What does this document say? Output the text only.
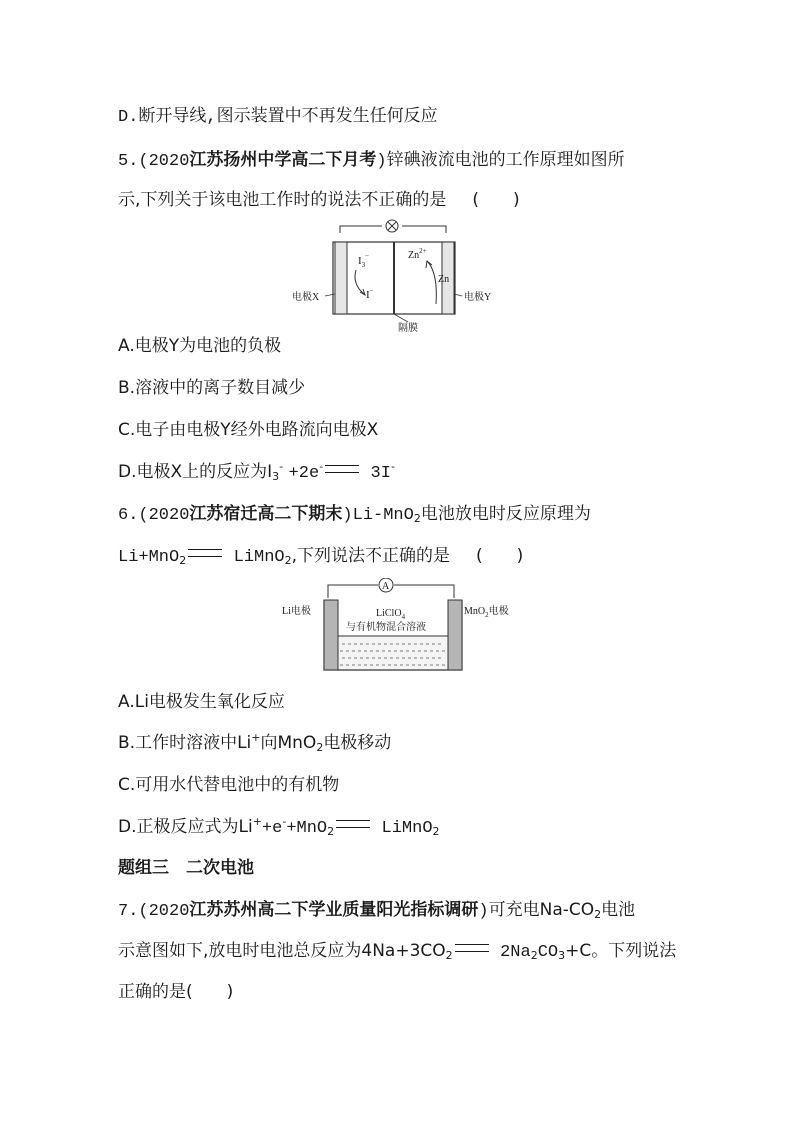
D.断开导线,图示装置中不再发生任何反应
5.(2020江苏扬州中学高二下月考)锌碘液流电池的工作原理如图所
示,下列关于该电池工作时的说法不正确的是 (　　)
$I_3^-$
I−
$Zn^{2+}$
Zn
电极X	电极Y
隔膜
A.电极Y为电池的负极
B.溶液中的离子数目减少
C.电子由电极Y经外电路流向电极X
D.电极X上的反应为$I_3^- +2e^-$	3I-
6.(2020江苏宿迁高二下期末)Li-MnO$_2$电池放电时反应原理为
Li+MnO$_2$	LiMnO$_2$,下列说法不正确的是 (　　)
A
Li电极	MnO$_2$电极
LiClO$_4$
与有机物混合溶液
A.Li电极发生氧化反应
B.工作时溶液中Li+向MnO$_2$电极移动
C.可用水代替电池中的有机物
D.正极反应式为Li++e-+MnO$_2$	LiMnO$_2$
题组三　二次电池
7.(2020江苏苏州高二下学业质量阳光指标调研)可充电$Na-CO_2$电池
示意图如下,放电时电池总反应为$4Na+3CO_2$	$2Na_2CO_3+C$。下列说法
正确的是(　　)
